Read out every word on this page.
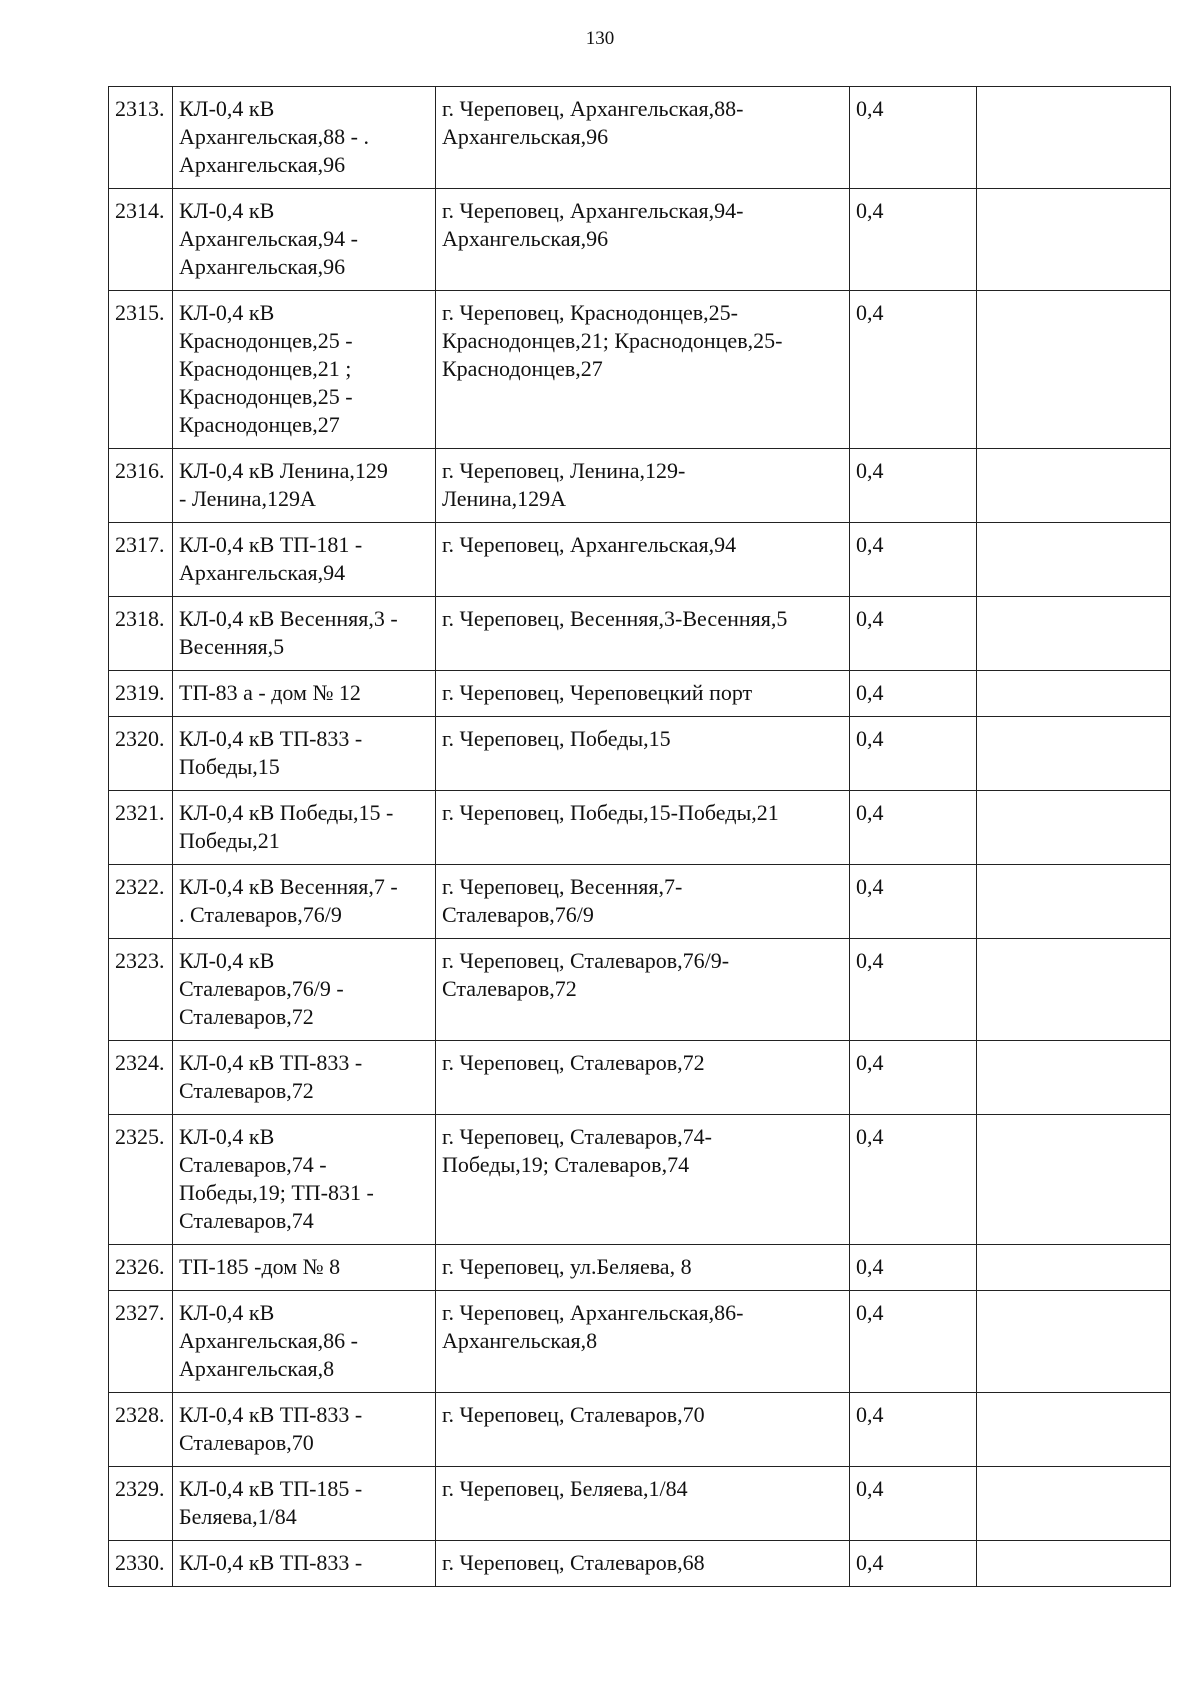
130
2313.	КЛ-0,4 кВ
Архангельская,88 - .
Архангельская,96	г. Череповец, Архангельская,88-
Архангельская,96	0,4	
2314.	КЛ-0,4 кВ
Архангельская,94 -
Архангельская,96	г. Череповец, Архангельская,94-
Архангельская,96	0,4	
2315.	КЛ-0,4 кВ
Краснодонцев,25 -
Краснодонцев,21 ;
Краснодонцев,25 -
Краснодонцев,27	г. Череповец, Краснодонцев,25-
Краснодонцев,21; Краснодонцев,25-
Краснодонцев,27	0,4	
2316.	КЛ-0,4 кВ Ленина,129
- Ленина,129А	г. Череповец, Ленина,129-
Ленина,129А	0,4	
2317.	КЛ-0,4 кВ ТП-181 -
Архангельская,94	г. Череповец, Архангельская,94	0,4	
2318.	КЛ-0,4 кВ Весенняя,3 -
Весенняя,5	г. Череповец, Весенняя,3-Весенняя,5	0,4	
2319.	ТП-83 а - дом № 12	г. Череповец, Череповецкий порт	0,4	
2320.	КЛ-0,4 кВ ТП-833 -
Победы,15	г. Череповец, Победы,15	0,4	
2321.	КЛ-0,4 кВ Победы,15 -
Победы,21	г. Череповец, Победы,15-Победы,21	0,4	
2322.	КЛ-0,4 кВ Весенняя,7 -
. Сталеваров,76/9	г. Череповец, Весенняя,7-
Сталеваров,76/9	0,4	
2323.	КЛ-0,4 кВ
Сталеваров,76/9 -
Сталеваров,72	г. Череповец, Сталеваров,76/9-
Сталеваров,72	0,4	
2324.	КЛ-0,4 кВ ТП-833 -
Сталеваров,72	г. Череповец, Сталеваров,72	0,4	
2325.	КЛ-0,4 кВ
Сталеваров,74 -
Победы,19; ТП-831 -
Сталеваров,74	г. Череповец, Сталеваров,74-
Победы,19; Сталеваров,74	0,4	
2326.	ТП-185 -дом № 8	г. Череповец, ул.Беляева, 8	0,4	
2327.	КЛ-0,4 кВ
Архангельская,86 -
Архангельская,8	г. Череповец, Архангельская,86-
Архангельская,8	0,4	
2328.	КЛ-0,4 кВ ТП-833 -
Сталеваров,70	г. Череповец, Сталеваров,70	0,4	
2329.	КЛ-0,4 кВ ТП-185 -
Беляева,1/84	г. Череповец, Беляева,1/84	0,4	
2330.	КЛ-0,4 кВ ТП-833 -	г. Череповец, Сталеваров,68	0,4	
